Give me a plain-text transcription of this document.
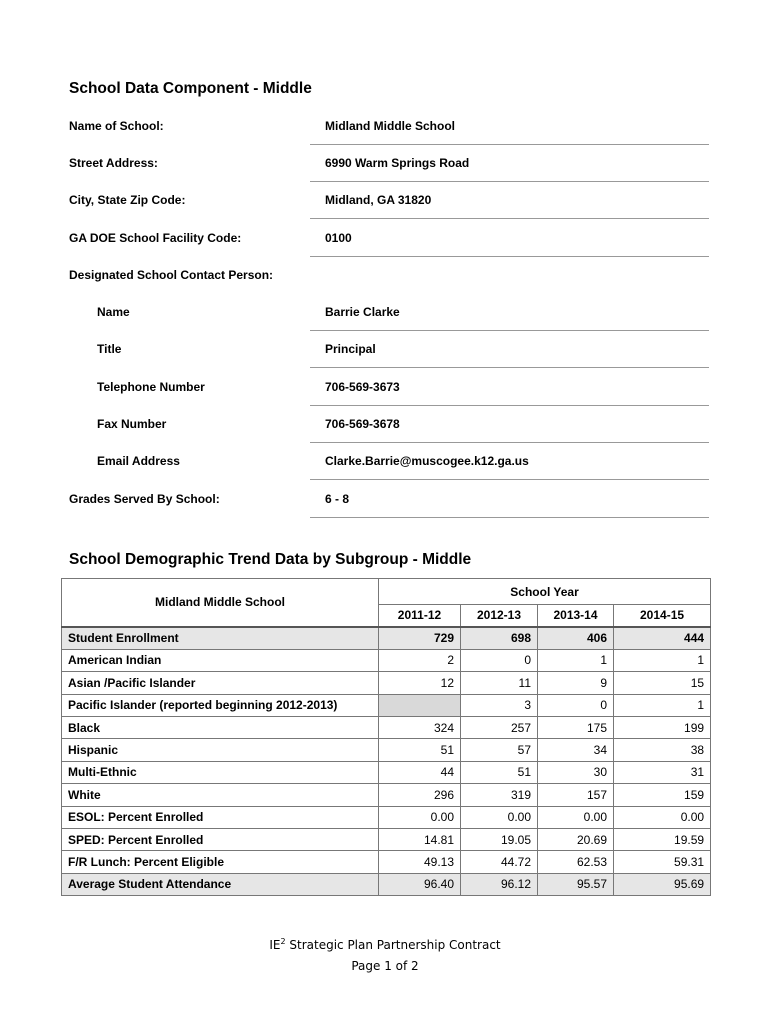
School Data Component - Middle
Name of School:	Midland Middle School
Street Address:	6990 Warm Springs Road
City, State Zip Code:	Midland, GA 31820
GA DOE School Facility Code:	0100
Designated School Contact Person:
Name	Barrie Clarke
Title	Principal
Telephone Number	706-569-3673
Fax Number	706-569-3678
Email Address	Clarke.Barrie@muscogee.k12.ga.us
Grades Served By School:	6 - 8
School Demographic Trend Data by Subgroup - Middle
Midland Middle School	School Year			
	2011-12	2012-13	2013-14	2014-15
Student Enrollment	729	698	406	444
American Indian	2	0	1	1
Asian /Pacific Islander	12	11	9	15
Pacific Islander (reported beginning 2012-2013)		3	0	1
Black	324	257	175	199
Hispanic	51	57	34	38
Multi-Ethnic	44	51	30	31
White	296	319	157	159
ESOL: Percent Enrolled	0.00	0.00	0.00	0.00
SPED: Percent Enrolled	14.81	19.05	20.69	19.59
F/R Lunch: Percent Eligible	49.13	44.72	62.53	59.31
Average Student Attendance	96.40	96.12	95.57	95.69
$IE^2$ Strategic Plan Partnership Contract
Page 1 of 2
